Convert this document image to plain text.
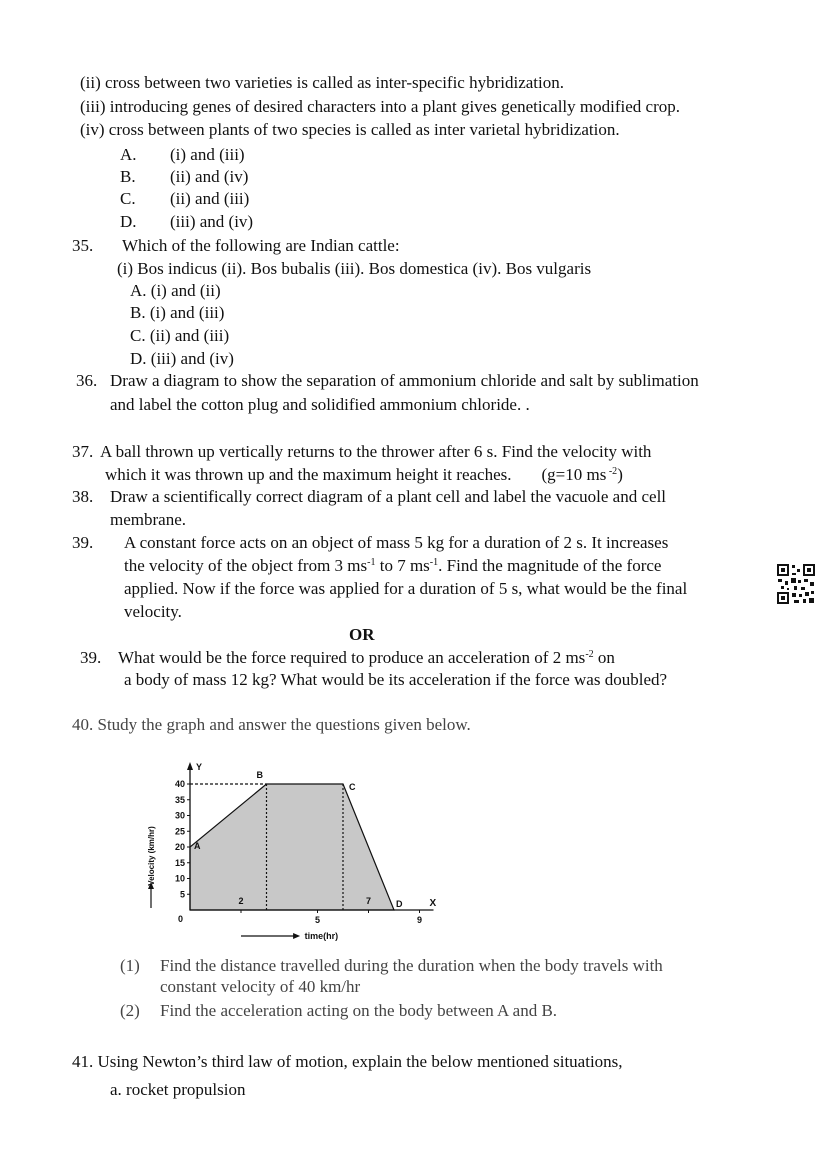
(ii) cross between two varieties is called as inter-specific hybridization.
(iii) introducing genes of desired characters into a plant gives genetically modified crop.
(iv) cross between plants of two species is called as inter varietal hybridization.
A. (i) and (iii)
B. (ii) and (iv)
C. (ii) and (iii)
D. (iii) and (iv)
35. Which of the following are Indian cattle:
(i) Bos indicus (ii). Bos bubalis (iii). Bos domestica (iv). Bos vulgaris
A. (i) and (ii)
B. (i) and (iii)
C. (ii) and (iii)
D. (iii) and (iv)
36. Draw a diagram to show the separation of ammonium chloride and salt by sublimation
and label the cotton plug and solidified ammonium chloride. .
37. A ball thrown up vertically returns to the thrower after 6 s. Find the velocity with
which it was thrown up and the maximum height it reaches. (g=10 ms $^{-2}$)
38. Draw a scientifically correct diagram of a plant cell and label the vacuole and cell
membrane.
39. A constant force acts on an object of mass 5 kg for a duration of 2 s. It increases
the velocity of the object from 3 $ms^{-1}$ to 7 $ms^{-1}$. Find the magnitude of the force
applied. Now if the force was applied for a duration of 5 s, what would be the final
velocity.
OR
39. What would be the force required to produce an acceleration of 2 $ms^{-2}$ on
a body of mass 12 kg? What would be its acceleration if the force was doubled?
40. Study the graph and answer the questions given below.
5
10
15
20
25
30
35
40
2
5
7
9
0
A
B
C
D
Y
X
time(hr)
Velocity (km/hr)
(1) Find the distance travelled during the duration when the body travels with
constant velocity of 40 km/hr
(2) Find the acceleration acting on the body between A and B.
41. Using Newton’s third law of motion, explain the below mentioned situations,
a. rocket propulsion
